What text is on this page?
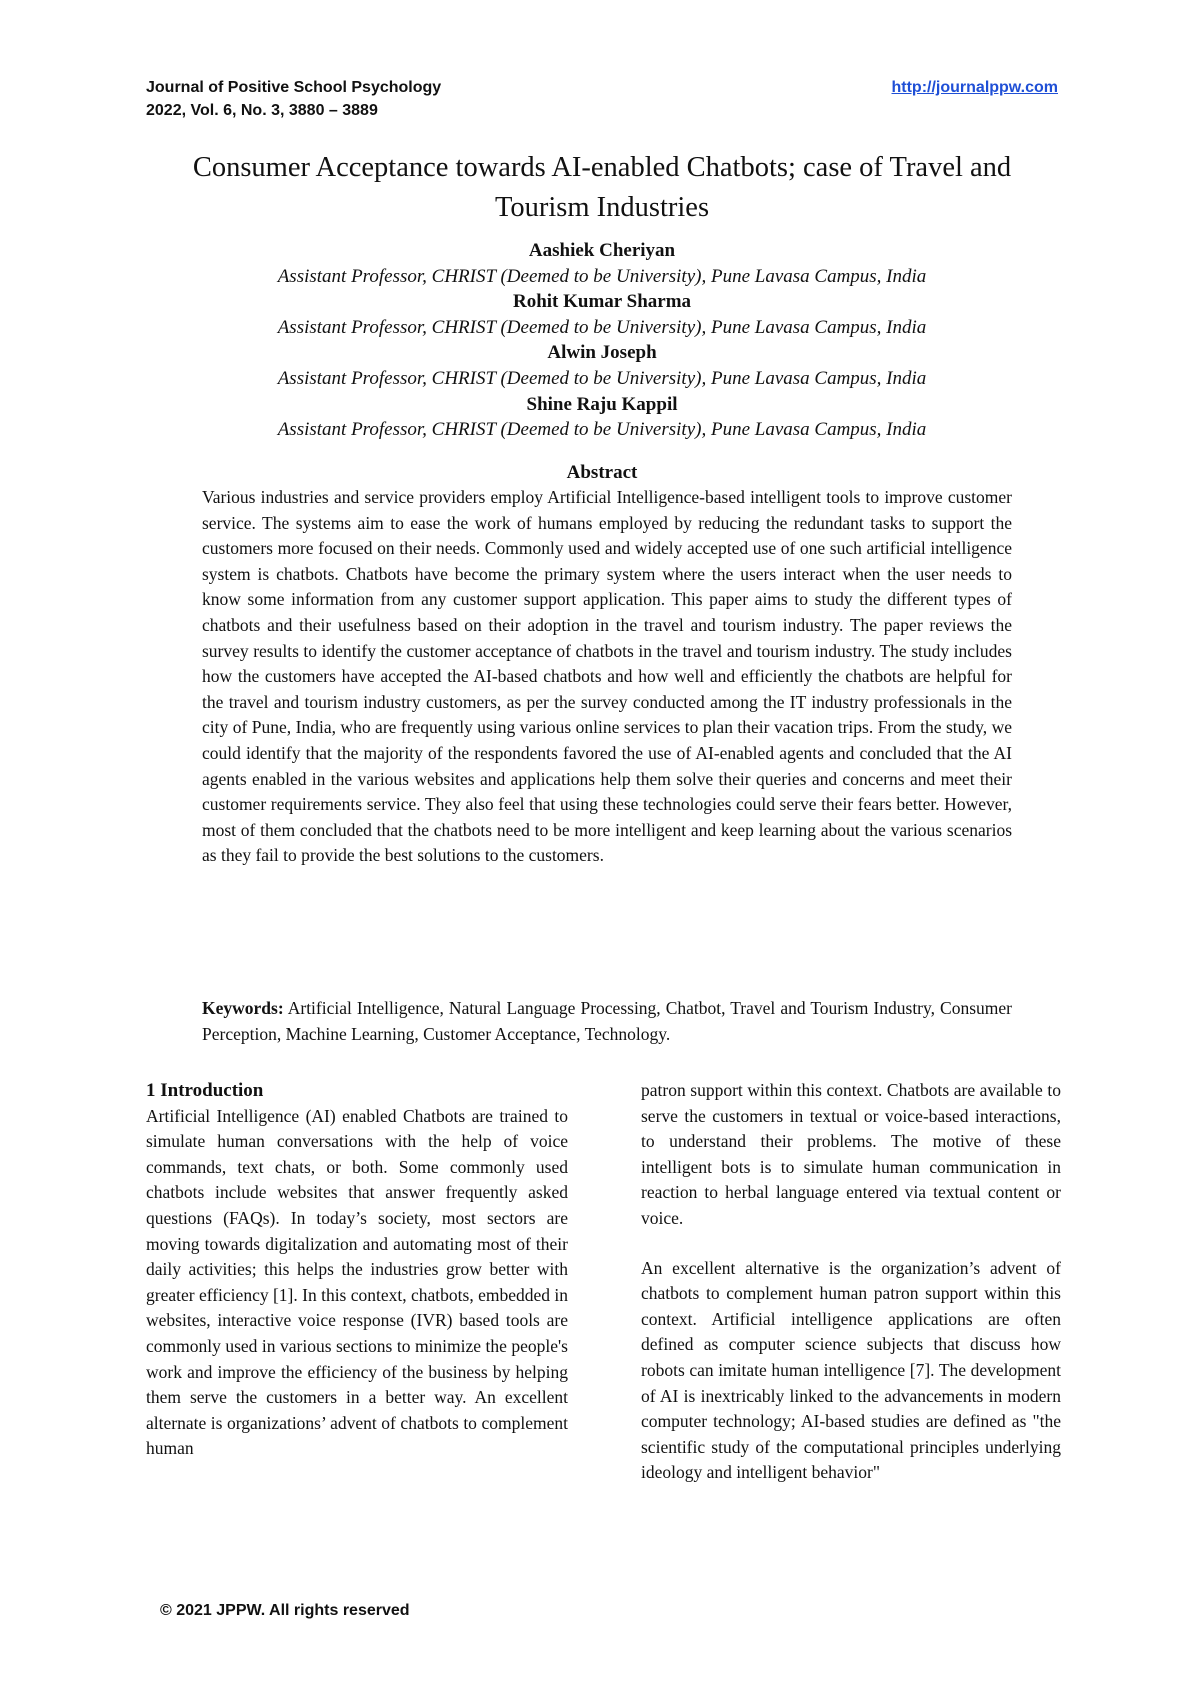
Journal of Positive School Psychology
2022, Vol. 6, No. 3, 3880 – 3889
http://journalppw.com
Consumer Acceptance towards AI-enabled Chatbots; case of Travel and Tourism Industries
Aashiek Cheriyan
Assistant Professor, CHRIST (Deemed to be University), Pune Lavasa Campus, India
Rohit Kumar Sharma
Assistant Professor, CHRIST (Deemed to be University), Pune Lavasa Campus, India
Alwin Joseph
Assistant Professor, CHRIST (Deemed to be University), Pune Lavasa Campus, India
Shine Raju Kappil
Assistant Professor, CHRIST (Deemed to be University), Pune Lavasa Campus, India
Abstract
Various industries and service providers employ Artificial Intelligence-based intelligent tools to improve customer service. The systems aim to ease the work of humans employed by reducing the redundant tasks to support the customers more focused on their needs. Commonly used and widely accepted use of one such artificial intelligence system is chatbots. Chatbots have become the primary system where the users interact when the user needs to know some information from any customer support application. This paper aims to study the different types of chatbots and their usefulness based on their adoption in the travel and tourism industry. The paper reviews the survey results to identify the customer acceptance of chatbots in the travel and tourism industry. The study includes how the customers have accepted the AI-based chatbots and how well and efficiently the chatbots are helpful for the travel and tourism industry customers, as per the survey conducted among the IT industry professionals in the city of Pune, India, who are frequently using various online services to plan their vacation trips. From the study, we could identify that the majority of the respondents favored the use of AI-enabled agents and concluded that the AI agents enabled in the various websites and applications help them solve their queries and concerns and meet their customer requirements service. They also feel that using these technologies could serve their fears better. However, most of them concluded that the chatbots need to be more intelligent and keep learning about the various scenarios as they fail to provide the best solutions to the customers.
Keywords: Artificial Intelligence, Natural Language Processing, Chatbot, Travel and Tourism Industry, Consumer Perception, Machine Learning, Customer Acceptance, Technology.
1 Introduction
Artificial Intelligence (AI) enabled Chatbots are trained to simulate human conversations with the help of voice commands, text chats, or both. Some commonly used chatbots include websites that answer frequently asked questions (FAQs). In today’s society, most sectors are moving towards digitalization and automating most of their daily activities; this helps the industries grow better with greater efficiency [1]. In this context, chatbots, embedded in websites, interactive voice response (IVR) based tools are commonly used in various sections to minimize the people's work and improve the efficiency of the business by helping them serve the customers in a better way. An excellent alternate is organizations’ advent of chatbots to complement human

patron support within this context. Chatbots are available to serve the customers in textual or voice-based interactions, to understand their problems. The motive of these intelligent bots is to simulate human communication in reaction to herbal language entered via textual content or voice.

An excellent alternative is the organization’s advent of chatbots to complement human patron support within this context. Artificial intelligence applications are often defined as computer science subjects that discuss how robots can imitate human intelligence [7]. The development of AI is inextricably linked to the advancements in modern computer technology; AI-based studies are defined as "the scientific study of the computational principles underlying ideology and intelligent behavior"

© 2021 JPPW. All rights reserved
